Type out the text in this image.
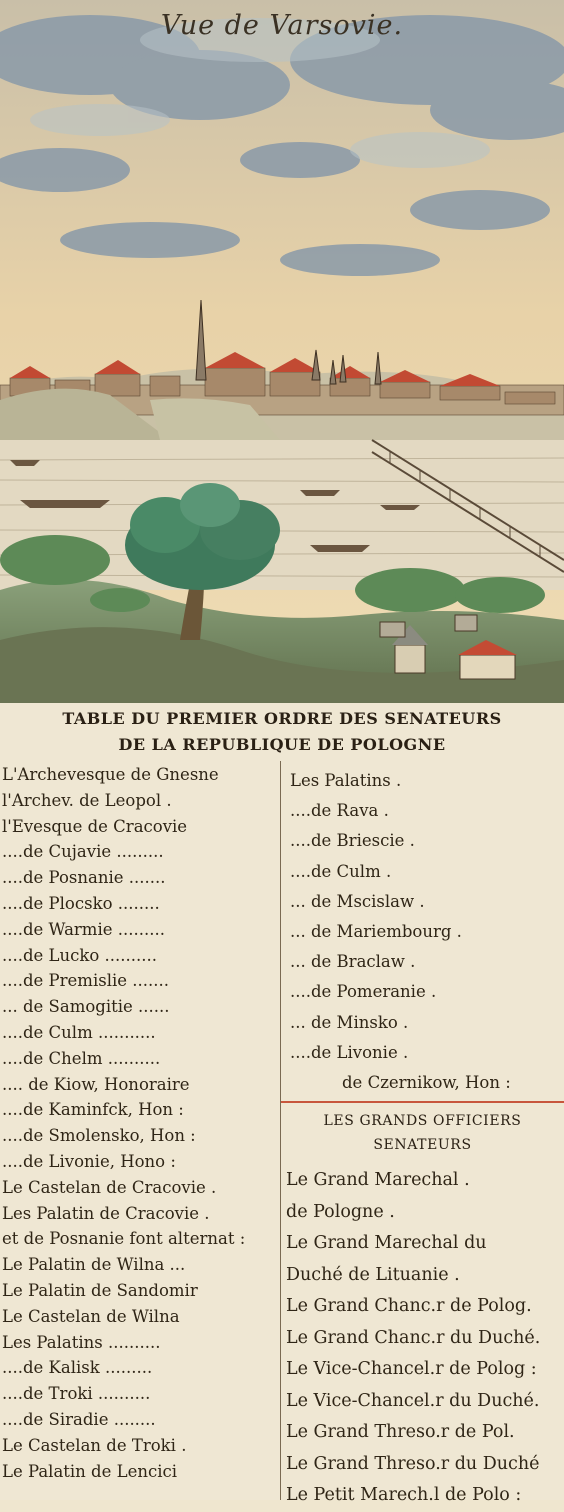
Vue de Varsovie.
TABLE DU PREMIER ORDRE DES SENATEURS
DE LA REPUBLIQUE DE POLOGNE
L'Archevesque de Gnesne
l'Archev. de Leopol .
l'Evesque de Cracovie
....de Cujavie .........
....de Posnanie .......
....de Plocsko ........
....de Warmie .........
....de Lucko ..........
....de Premislie .......
... de Samogitie ......
....de Culm ...........
....de Chelm ..........
.... de Kiow, Honoraire
....de Kaminfck, Hon :
....de Smolensko, Hon :
....de Livonie, Hono :
Le Castelan de Cracovie .
Les Palatin de Cracovie .
et de Posnanie font alternat :
Le Palatin de Wilna ...
Le Palatin de Sandomir
Le Castelan de Wilna
Les Palatins ..........
....de Kalisk .........
....de Troki ..........
....de Siradie ........
Le Castelan de Troki .
Le Palatin de Lencici
Les Palatins .
....de Rava .
....de Briescie .
....de Culm .
... de Mscislaw .
... de Mariembourg .
... de Braclaw .
....de Pomeranie .
... de Minsko .
....de Livonie .
de Czernikow, Hon :
LES GRANDS OFFICIERS
SENATEURS
Le Grand Marechal .
de Pologne .
Le Grand Marechal du
Duché de Lituanie .
Le Grand Chanc.r de Polog.
Le Grand Chanc.r du Duché.
Le Vice-Chancel.r de Polog :
Le Vice-Chancel.r du Duché.
Le Grand Threso.r de Pol.
Le Grand Threso.r du Duché
Le Petit Marech.l de Polo :
